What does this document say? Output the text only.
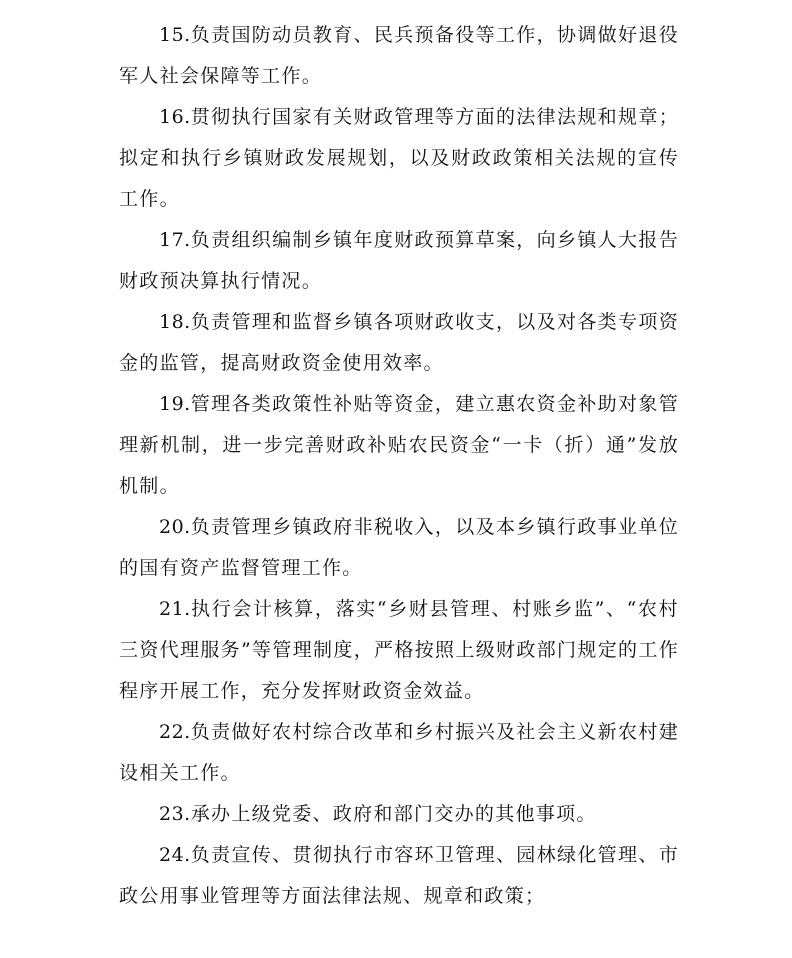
15.负责国防动员教育、民兵预备役等工作，协调做好退役军人社会保障等工作。

16.贯彻执行国家有关财政管理等方面的法律法规和规章；拟定和执行乡镇财政发展规划，以及财政政策相关法规的宣传工作。

17.负责组织编制乡镇年度财政预算草案，向乡镇人大报告财政预决算执行情况。

18.负责管理和监督乡镇各项财政收支，以及对各类专项资金的监管，提高财政资金使用效率。

19.管理各类政策性补贴等资金，建立惠农资金补助对象管理新机制，进一步完善财政补贴农民资金“一卡（折）通”发放机制。

20.负责管理乡镇政府非税收入，以及本乡镇行政事业单位的国有资产监督管理工作。

21.执行会计核算，落实“乡财县管理、村账乡监”、“农村三资代理服务”等管理制度，严格按照上级财政部门规定的工作程序开展工作，充分发挥财政资金效益。

22.负责做好农村综合改革和乡村振兴及社会主义新农村建设相关工作。

23.承办上级党委、政府和部门交办的其他事项。

24.负责宣传、贯彻执行市容环卫管理、园林绿化管理、市政公用事业管理等方面法律法规、规章和政策；
